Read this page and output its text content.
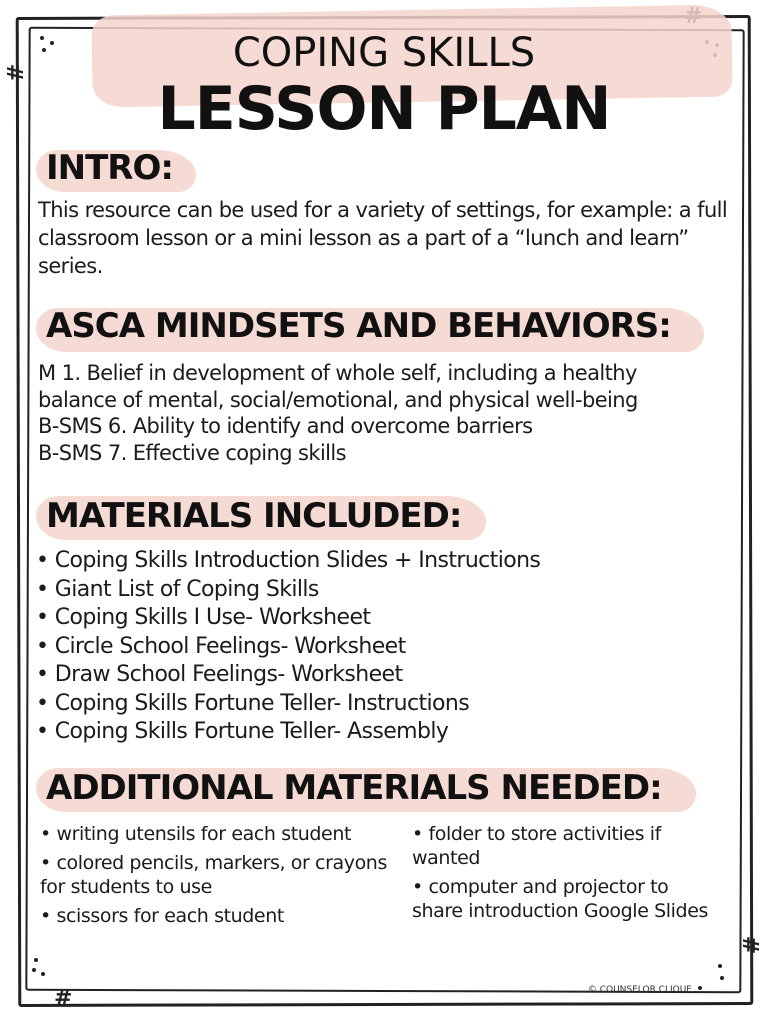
#
#
#
COPING SKILLS
LESSON PLAN
INTRO:
This resource can be used for a variety of settings, for example: a full classroom lesson or a mini lesson as a part of a “lunch and learn” series.
ASCA MINDSETS AND BEHAVIORS:
M 1. Belief in development of whole self, including a healthy
balance of mental, social/emotional, and physical well-being
B-SMS 6. Ability to identify and overcome barriers
B-SMS 7. Effective coping skills
MATERIALS INCLUDED:
• Coping Skills Introduction Slides + Instructions
• Giant List of Coping Skills
• Coping Skills I Use- Worksheet
• Circle School Feelings- Worksheet
• Draw School Feelings- Worksheet
• Coping Skills Fortune Teller- Instructions
• Coping Skills Fortune Teller- Assembly
ADDITIONAL MATERIALS NEEDED:
• writing utensils for each student
• colored pencils, markers, or crayons for students to use
• scissors for each student
• folder to store activities if wanted
• computer and projector to share introduction Google Slides
© COUNSELOR CLIQUE
